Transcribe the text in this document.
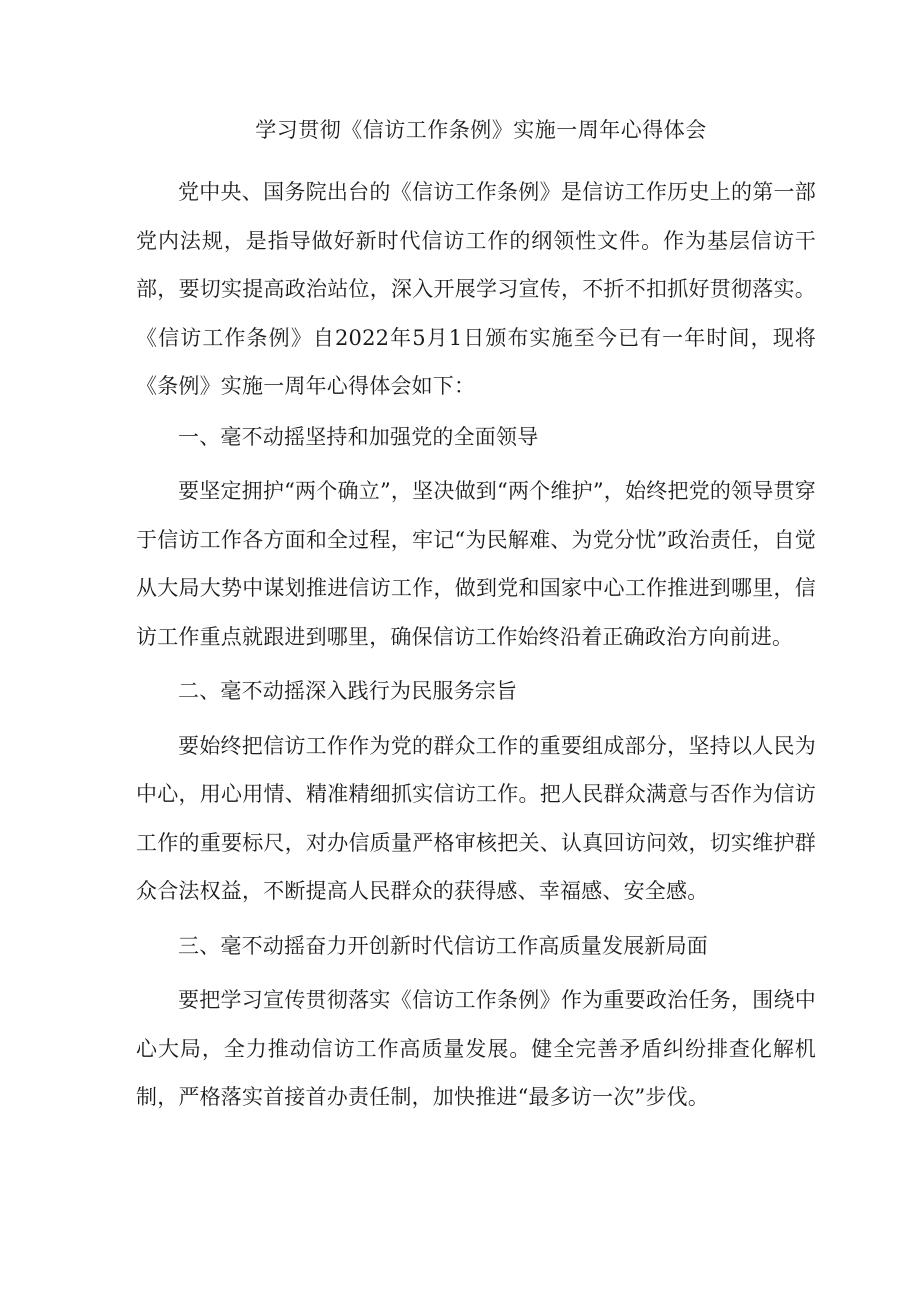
学习贯彻《信访工作条例》实施一周年心得体会

党中央、国务院出台的《信访工作条例》是信访工作历史上的第一部党内法规，是指导做好新时代信访工作的纲领性文件。作为基层信访干部，要切实提高政治站位，深入开展学习宣传，不折不扣抓好贯彻落实。《信访工作条例》自2022年5月1日颁布实施至今已有一年时间，现将《条例》实施一周年心得体会如下：

一、毫不动摇坚持和加强党的全面领导

要坚定拥护“两个确立”，坚决做到“两个维护”，始终把党的领导贯穿于信访工作各方面和全过程，牢记“为民解难、为党分忧”政治责任，自觉从大局大势中谋划推进信访工作，做到党和国家中心工作推进到哪里，信访工作重点就跟进到哪里，确保信访工作始终沿着正确政治方向前进。

二、毫不动摇深入践行为民服务宗旨

要始终把信访工作作为党的群众工作的重要组成部分，坚持以人民为中心，用心用情、精准精细抓实信访工作。把人民群众满意与否作为信访工作的重要标尺，对办信质量严格审核把关、认真回访问效，切实维护群众合法权益，不断提高人民群众的获得感、幸福感、安全感。

三、毫不动摇奋力开创新时代信访工作高质量发展新局面

要把学习宣传贯彻落实《信访工作条例》作为重要政治任务，围绕中心大局，全力推动信访工作高质量发展。健全完善矛盾纠纷排查化解机制，严格落实首接首办责任制，加快推进“最多访一次”步伐。
